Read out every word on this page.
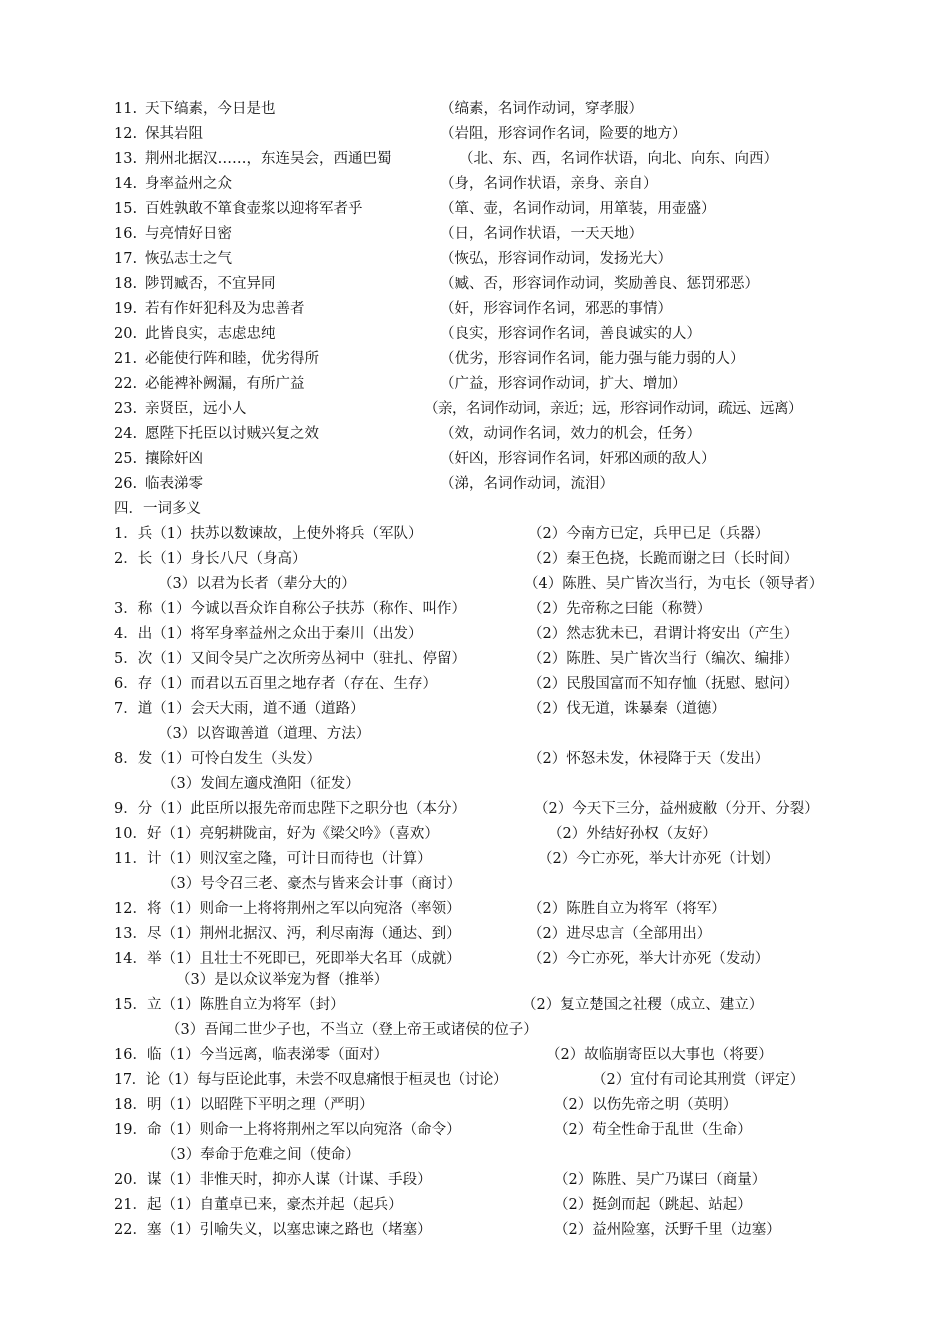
11. 天下缟素，今日是也	（缟素，名词作动词，穿孝服）
12. 保其岩阻	（岩阻，形容词作名词，险要的地方）
13. 荆州北据汉……，东连吴会，西通巴蜀	（北、东、西，名词作状语，向北、向东、向西）
14. 身率益州之众	（身，名词作状语，亲身、亲自）
15. 百姓孰敢不箪食壶浆以迎将军者乎	（箪、壶，名词作动词，用箪装，用壶盛）
16. 与亮情好日密	（日，名词作状语，一天天地）
17. 恢弘志士之气	（恢弘，形容词作动词，发扬光大）
18. 陟罚臧否，不宜异同	（臧、否，形容词作动词，奖励善良、惩罚邪恶）
19. 若有作奸犯科及为忠善者	（奸，形容词作名词，邪恶的事情）
20. 此皆良实，志虑忠纯	（良实，形容词作名词，善良诚实的人）
21. 必能使行阵和睦，优劣得所	（优劣，形容词作名词，能力强与能力弱的人）
22. 必能裨补阙漏，有所广益	（广益，形容词作动词，扩大、增加）
23. 亲贤臣，远小人	（亲，名词作动词，亲近；远，形容词作动词，疏远、远离）
24. 愿陛下托臣以讨贼兴复之效	（效，动词作名词，效力的机会，任务）
25. 攘除奸凶	（奸凶，形容词作名词，奸邪凶顽的敌人）
26. 临表涕零	（涕，名词作动词，流泪）
四．一词多义
1．兵（1）扶苏以数谏故，上使外将兵（军队）	（2）今南方已定，兵甲已足（兵器）
2．长（1）身长八尺（身高）	（2）秦王色挠，长跪而谢之曰（长时间）
（3）以君为长者（辈分大的）	（4）陈胜、吴广皆次当行，为屯长（领导者）
3．称（1）今诚以吾众诈自称公子扶苏（称作、叫作）	（2）先帝称之曰能（称赞）
4．出（1）将军身率益州之众出于秦川（出发）	（2）然志犹未已，君谓计将安出（产生）
5．次（1）又间令吴广之次所旁丛祠中（驻扎、停留）	（2）陈胜、吴广皆次当行（编次、编排）
6．存（1）而君以五百里之地存者（存在、生存）	（2）民殷国富而不知存恤（抚慰、慰问）
7．道（1）会天大雨，道不通（道路）	（2）伐无道，诛暴秦（道德）
（3）以咨诹善道（道理、方法）
8．发（1）可怜白发生（头发）	（2）怀怒未发，休祲降于天（发出）
（3）发闾左適戍渔阳（征发）
9．分（1）此臣所以报先帝而忠陛下之职分也（本分）	（2）今天下三分，益州疲敝（分开、分裂）
10．好（1）亮躬耕陇亩，好为《梁父吟》（喜欢）	（2）外结好孙权（友好）
11．计（1）则汉室之隆，可计日而待也（计算）	（2）今亡亦死，举大计亦死（计划）
（3）号令召三老、豪杰与皆来会计事（商讨）
12．将（1）则命一上将将荆州之军以向宛洛（率领）	（2）陈胜自立为将军（将军）
13．尽（1）荆州北据汉、沔，利尽南海（通达、到）	（2）进尽忠言（全部用出）
14．举（1）且壮士不死即已，死即举大名耳（成就）	（2）今亡亦死，举大计亦死（发动）
（3）是以众议举宠为督（推举）
15．立（1）陈胜自立为将军（封）	（2）复立楚国之社稷（成立、建立）
（3）吾闻二世少子也，不当立（登上帝王或诸侯的位子）
16．临（1）今当远离，临表涕零（面对）	（2）故临崩寄臣以大事也（将要）
17．论（1）每与臣论此事，未尝不叹息痛恨于桓灵也（讨论）	（2）宜付有司论其刑赏（评定）
18．明（1）以昭陛下平明之理（严明）	（2）以伤先帝之明（英明）
19．命（1）则命一上将将荆州之军以向宛洛（命令）	（2）苟全性命于乱世（生命）
（3）奉命于危难之间（使命）
20．谋（1）非惟天时，抑亦人谋（计谋、手段）	（2）陈胜、吴广乃谋曰（商量）
21．起（1）自董卓已来，豪杰并起（起兵）	（2）挺剑而起（跳起、站起）
22．塞（1）引喻失义，以塞忠谏之路也（堵塞）	（2）益州险塞，沃野千里（边塞）
